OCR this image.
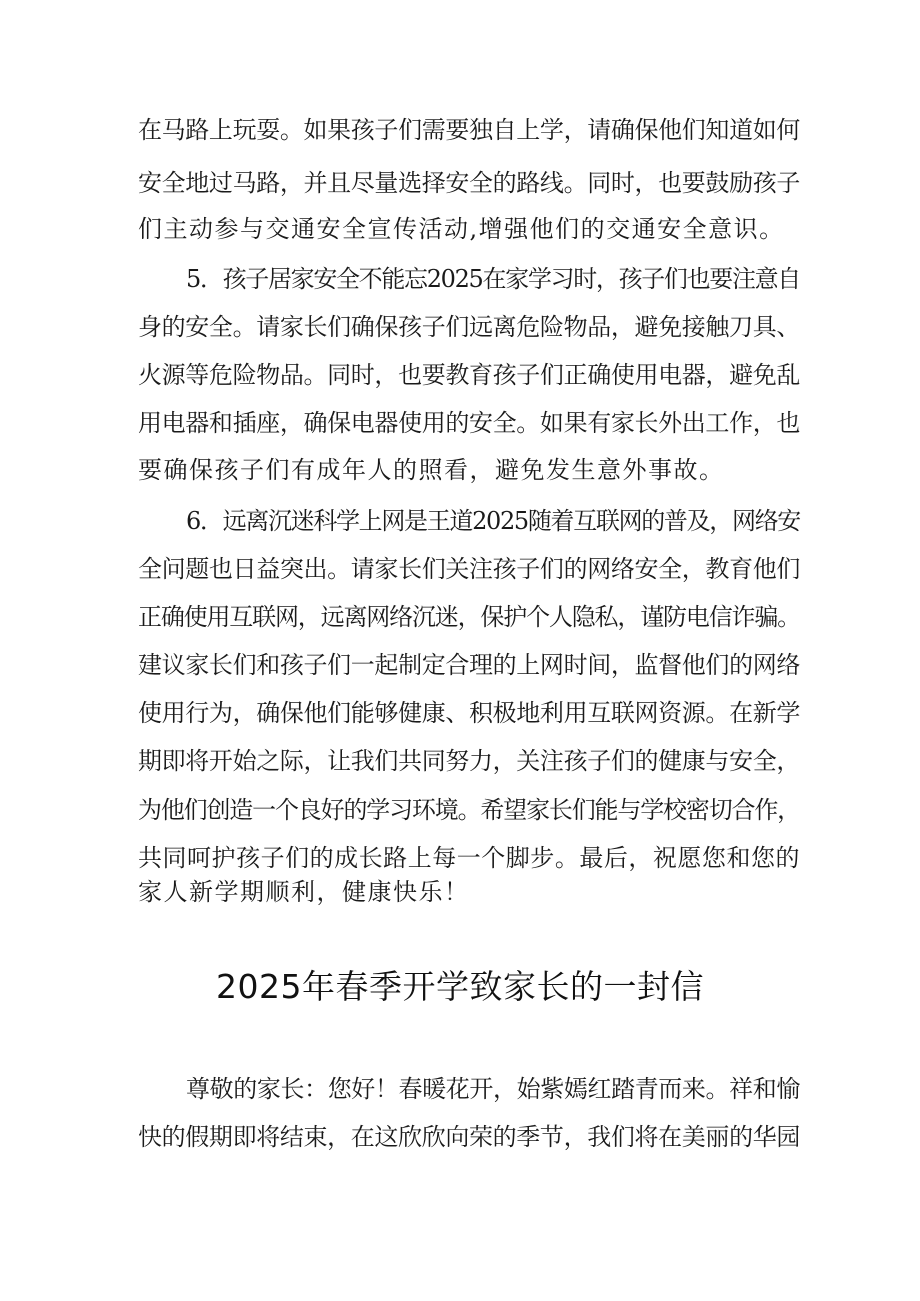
在马路上玩耍。如果孩子们需要独自上学，请确保他们知道如何
安全地过马路，并且尽量选择安全的路线。同时，也要鼓励孩子
们主动参与交通安全宣传活动,增强他们的交通安全意识。
5．孩子居家安全不能忘2025在家学习时，孩子们也要注意自
身的安全。请家长们确保孩子们远离危险物品，避免接触刀具、
火源等危险物品。同时，也要教育孩子们正确使用电器，避免乱
用电器和插座，确保电器使用的安全。如果有家长外出工作，也
要确保孩子们有成年人的照看，避免发生意外事故。
6．远离沉迷科学上网是王道2025随着互联网的普及，网络安
全问题也日益突出。请家长们关注孩子们的网络安全，教育他们
正确使用互联网，远离网络沉迷，保护个人隐私，谨防电信诈骗。
建议家长们和孩子们一起制定合理的上网时间，监督他们的网络
使用行为，确保他们能够健康、积极地利用互联网资源。在新学
期即将开始之际，让我们共同努力，关注孩子们的健康与安全，
为他们创造一个良好的学习环境。希望家长们能与学校密切合作，
共同呵护孩子们的成长路上每一个脚步。最后，祝愿您和您的
家人新学期顺利，健康快乐！
2025年春季开学致家长的一封信
尊敬的家长：您好！春暖花开，始紫嫣红踏青而来。祥和愉
快的假期即将结束，在这欣欣向荣的季节，我们将在美丽的华园
